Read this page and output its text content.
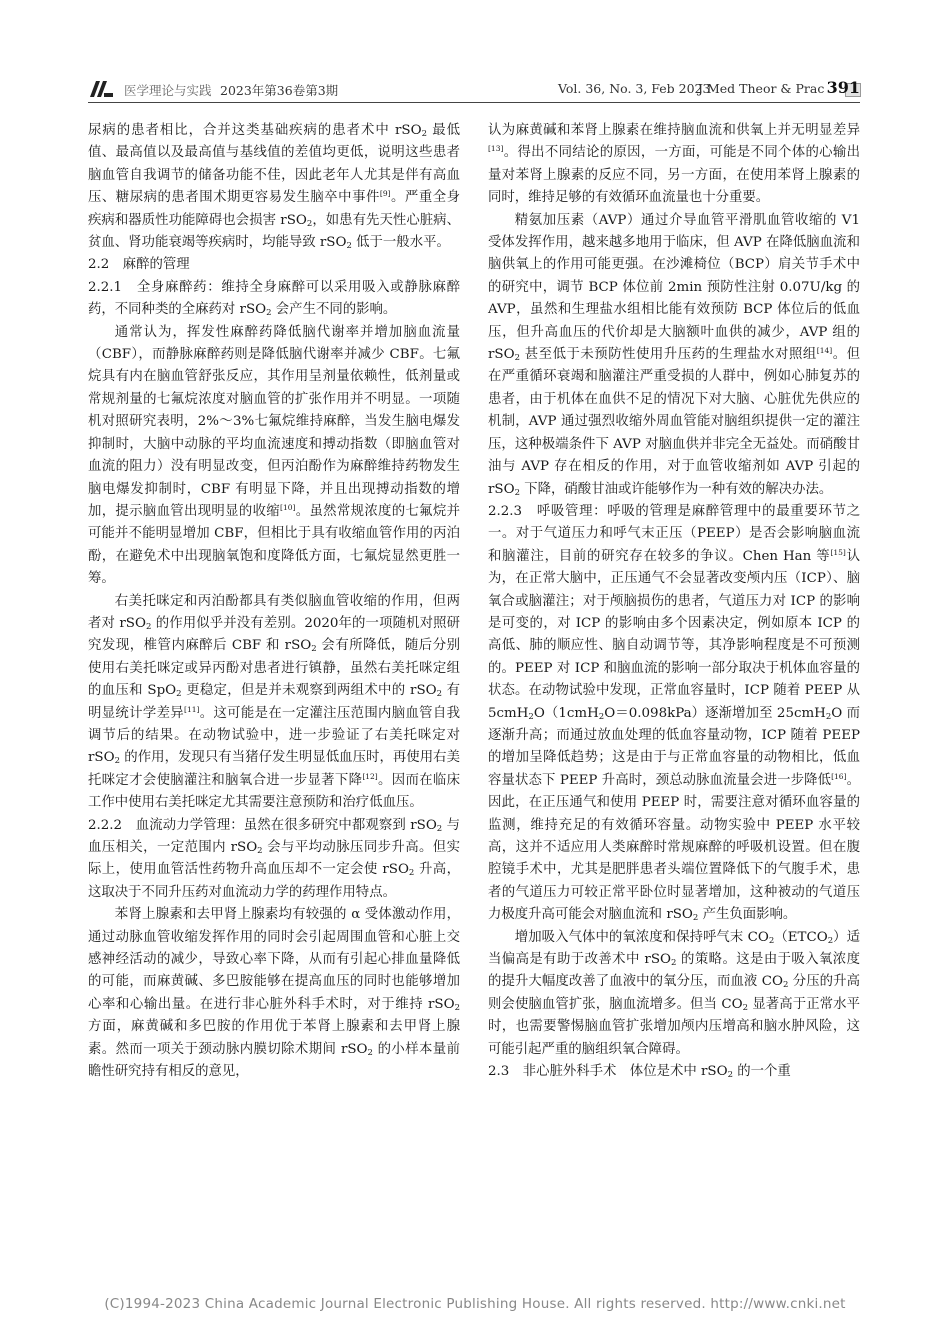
医学理论与实践 2023年第36卷第3期	Vol. 36, No. 3, Feb 2023
J Med Theor & Prac 391

尿病的患者相比，合并这类基础疾病的患者术中 rSO$_2$ 最低值、最高值以及最高值与基线值的差值均更低，说明这些患者脑血管自我调节的储备功能不佳，因此老年人尤其是伴有高血压、糖尿病的患者围术期更容易发生脑卒中事件[9]。严重全身疾病和器质性功能障碍也会损害 rSO$_2$，如患有先天性心脏病、贫血、肾功能衰竭等疾病时，均能导致 rSO$_2$ 低于一般水平。

2.2　麻醉的管理

2.2.1　全身麻醉药：维持全身麻醉可以采用吸入或静脉麻醉药，不同种类的全麻药对 rSO$_2$ 会产生不同的影响。

通常认为，挥发性麻醉药降低脑代谢率并增加脑血流量（CBF），而静脉麻醉药则是降低脑代谢率并减少 CBF。七氟烷具有内在脑血管舒张反应，其作用呈剂量依赖性，低剂量或常规剂量的七氟烷浓度对脑血管的扩张作用并不明显。一项随机对照研究表明，2%～3%七氟烷维持麻醉，当发生脑电爆发抑制时，大脑中动脉的平均血流速度和搏动指数（即脑血管对血流的阻力）没有明显改变，但丙泊酚作为麻醉维持药物发生脑电爆发抑制时，CBF 有明显下降，并且出现搏动指数的增加，提示脑血管出现明显的收缩[10]。虽然常规浓度的七氟烷并可能并不能明显增加 CBF，但相比于具有收缩血管作用的丙泊酚，在避免术中出现脑氧饱和度降低方面，七氟烷显然更胜一筹。

右美托咪定和丙泊酚都具有类似脑血管收缩的作用，但两者对 rSO$_2$ 的作用似乎并没有差别。2020年的一项随机对照研究发现，椎管内麻醉后 CBF 和 rSO$_2$ 会有所降低，随后分别使用右美托咪定或异丙酚对患者进行镇静，虽然右美托咪定组的血压和 SpO$_2$ 更稳定，但是并未观察到两组术中的 rSO$_2$ 有明显统计学差异[11]。这可能是在一定灌注压范围内脑血管自我调节后的结果。在动物试验中，进一步验证了右美托咪定对 rSO$_2$ 的作用，发现只有当猪仔发生明显低血压时，再使用右美托咪定才会使脑灌注和脑氧合进一步显著下降[12]。因而在临床工作中使用右美托咪定尤其需要注意预防和治疗低血压。

2.2.2　血流动力学管理：虽然在很多研究中都观察到 rSO$_2$ 与血压相关，一定范围内 rSO$_2$ 会与平均动脉压同步升高。但实际上，使用血管活性药物升高血压却不一定会使 rSO$_2$ 升高，这取决于不同升压药对血流动力学的药理作用特点。

苯肾上腺素和去甲肾上腺素均有较强的 α 受体激动作用，通过动脉血管收缩发挥作用的同时会引起周围血管和心脏上交感神经活动的减少，导致心率下降，从而有引起心排血量降低的可能，而麻黄碱、多巴胺能够在提高血压的同时也能够增加心率和心输出量。在进行非心脏外科手术时，对于维持 rSO$_2$ 方面，麻黄碱和多巴胺的作用优于苯肾上腺素和去甲肾上腺素。然而一项关于颈动脉内膜切除术期间 rSO$_2$ 的小样本量前瞻性研究持有相反的意见，

认为麻黄碱和苯肾上腺素在维持脑血流和供氧上并无明显差异[13]。得出不同结论的原因，一方面，可能是不同个体的心输出量对苯肾上腺素的反应不同，另一方面，在使用苯肾上腺素的同时，维持足够的有效循环血流量也十分重要。

精氨加压素（AVP）通过介导血管平滑肌血管收缩的 V1 受体发挥作用，越来越多地用于临床，但 AVP 在降低脑血流和脑供氧上的作用可能更强。在沙滩椅位（BCP）肩关节手术中的研究中，调节 BCP 体位前 2min 预防性注射 0.07U/kg 的 AVP，虽然和生理盐水组相比能有效预防 BCP 体位后的低血压，但升高血压的代价却是大脑额叶血供的减少，AVP 组的 rSO$_2$ 甚至低于未预防性使用升压药的生理盐水对照组[14]。但在严重循环衰竭和脑灌注严重受损的人群中，例如心肺复苏的患者，由于机体在血供不足的情况下对大脑、心脏优先供应的机制，AVP 通过强烈收缩外周血管能对脑组织提供一定的灌注压，这种极端条件下 AVP 对脑血供并非完全无益处。而硝酸甘油与 AVP 存在相反的作用，对于血管收缩剂如 AVP 引起的 rSO$_2$ 下降，硝酸甘油或许能够作为一种有效的解决办法。

2.2.3　呼吸管理：呼吸的管理是麻醉管理中的最重要环节之一。对于气道压力和呼气末正压（PEEP）是否会影响脑血流和脑灌注，目前的研究存在较多的争议。Chen Han 等[15]认为，在正常大脑中，正压通气不会显著改变颅内压（ICP）、脑氧合或脑灌注；对于颅脑损伤的患者，气道压力对 ICP 的影响是可变的，对 ICP 的影响由多个因素决定，例如原本 ICP 的高低、肺的顺应性、脑自动调节等，其净影响程度是不可预测的。PEEP 对 ICP 和脑血流的影响一部分取决于机体血容量的状态。在动物试验中发现，正常血容量时，ICP 随着 PEEP 从 5cmH$_2$O（1cmH$_2$O＝0.098kPa）逐渐增加至 25cmH$_2$O 而逐渐升高；而通过放血处理的低血容量动物，ICP 随着 PEEP 的增加呈降低趋势；这是由于与正常血容量的动物相比，低血容量状态下 PEEP 升高时，颈总动脉血流量会进一步降低[16]。因此，在正压通气和使用 PEEP 时，需要注意对循环血容量的监测，维持充足的有效循环容量。动物实验中 PEEP 水平较高，这并不适应用人类麻醉时常规麻醉的呼吸机设置。但在腹腔镜手术中，尤其是肥胖患者头端位置降低下的气腹手术，患者的气道压力可较正常平卧位时显著增加，这种被动的气道压力极度升高可能会对脑血流和 rSO$_2$ 产生负面影响。

增加吸入气体中的氧浓度和保持呼气末 $CO_2(ETCO_2)$适当偏高是有助于改善术中 rSO$_2$ 的策略。这是由于吸入氧浓度的提升大幅度改善了血液中的氧分压，而血液 $CO_2$ 分压的升高则会使脑血管扩张，脑血流增多。但当 $CO_2$ 显著高于正常水平时，也需要警惕脑血管扩张增加颅内压增高和脑水肿风险，这可能引起严重的脑组织氧合障碍。

2.3　非心脏外科手术　体位是术中 rSO$_2$ 的一个重

(C)1994-2023 China Academic Journal Electronic Publishing House. All rights reserved. http://www.cnki.net
